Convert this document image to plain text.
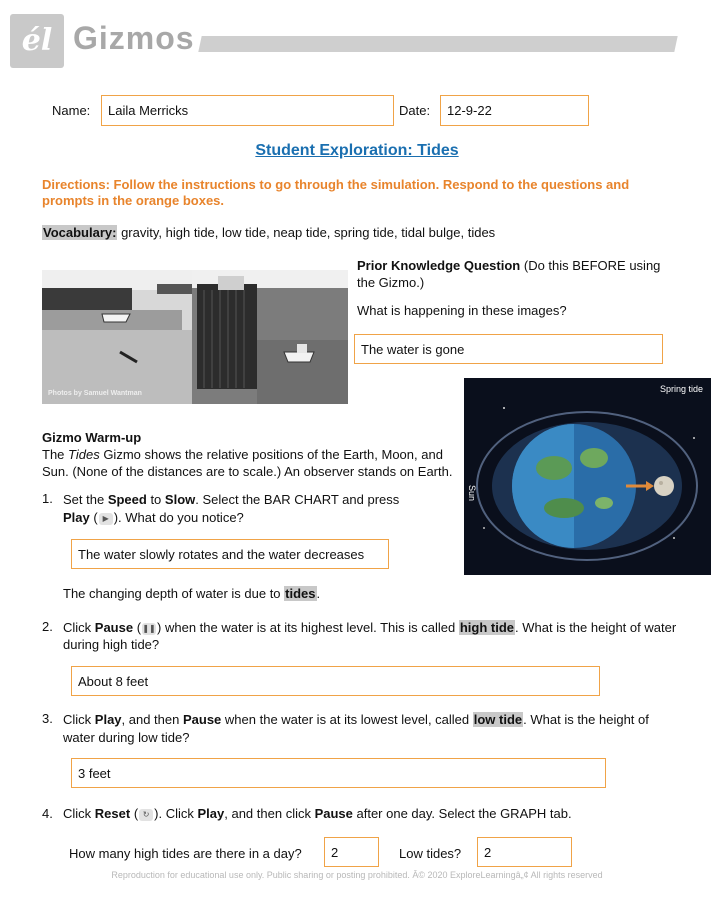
él Gizmos
Name: Laila Merricks	Date: 12-9-22
Student Exploration: Tides
Directions: Follow the instructions to go through the simulation. Respond to the questions and prompts in the orange boxes.
Vocabulary: gravity, high tide, low tide, neap tide, spring tide, tidal bulge, tides
Photos by Samuel Wantman
Prior Knowledge Question (Do this BEFORE using the Gizmo.)
What is happening in these images?
The water is gone
Spring tide
Sun
Gizmo Warm-up
The Tides Gizmo shows the relative positions of the Earth, Moon, and Sun. (None of the distances are to scale.) An observer stands on Earth.
1. Set the Speed to Slow. Select the BAR CHART and press
Play ( ▶ ). What do you notice?
The water slowly rotates and the water decreases
The changing depth of water is due to tides.
2. Click Pause (❚❚) when the water is at its highest level. This is called high tide. What is the height of water during high tide?
About 8 feet
3. Click Play, and then Pause when the water is at its lowest level, called low tide. What is the height of water during low tide?
3 feet
4. Click Reset ( ↻ ). Click Play, and then click Pause after one day. Select the GRAPH tab.
How many high tides are there in a day? 2	Low tides? 2
Reproduction for educational use only. Public sharing or posting prohibited. Â© 2020 ExploreLearningâ„¢ All rights reserved
